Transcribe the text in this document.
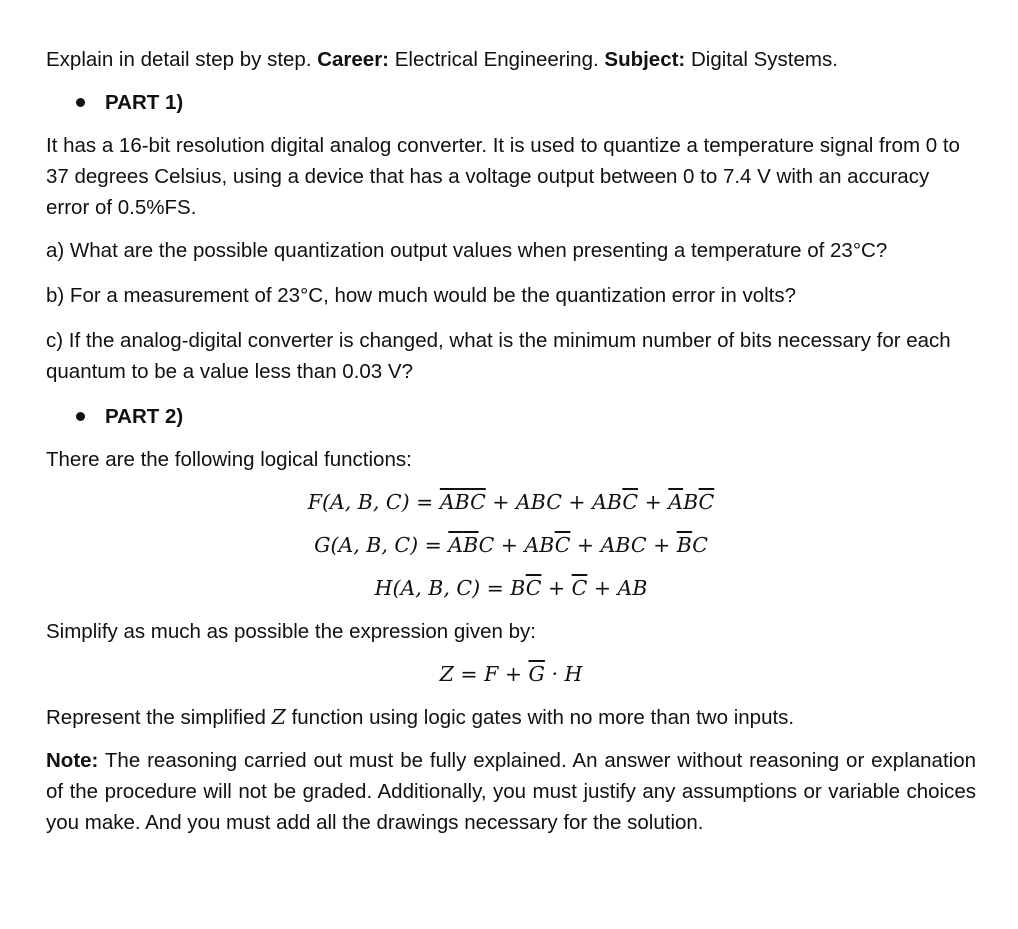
Explain in detail step by step. Career: Electrical Engineering. Subject: Digital Systems.

PART 1)

It has a 16-bit resolution digital analog converter. It is used to quantize a temperature signal from 0 to 37 degrees Celsius, using a device that has a voltage output between 0 to 7.4 V with an accuracy error of 0.5%FS.

a) What are the possible quantization output values when presenting a temperature of 23°C?

b) For a measurement of 23°C, how much would be the quantization error in volts?

c) If the analog-digital converter is changed, what is the minimum number of bits necessary for each quantum to be a value less than 0.03 V?

PART 2)

There are the following logical functions:

F(A, B, $C) = \overline{A}\overline{B}\overline{C}$ + ABC + $AB\overline{C} + \overline{A}B\overline{C}$
G(A, B, $C) = \overline{A}\overline{B}C + AB\overline{C}$ + ABC + $\overline{B}C$
H(A, B, $C) = B\overline{C} + \overline{C}$ + AB

Simplify as much as possible the expression given by:

$Z = F + \overline{G} \cdot H$

Represent the simplified Z function using logic gates with no more than two inputs.

Note: The reasoning carried out must be fully explained. An answer without reasoning or explanation of the procedure will not be graded. Additionally, you must justify any assumptions or variable choices you make. And you must add all the drawings necessary for the solution.
